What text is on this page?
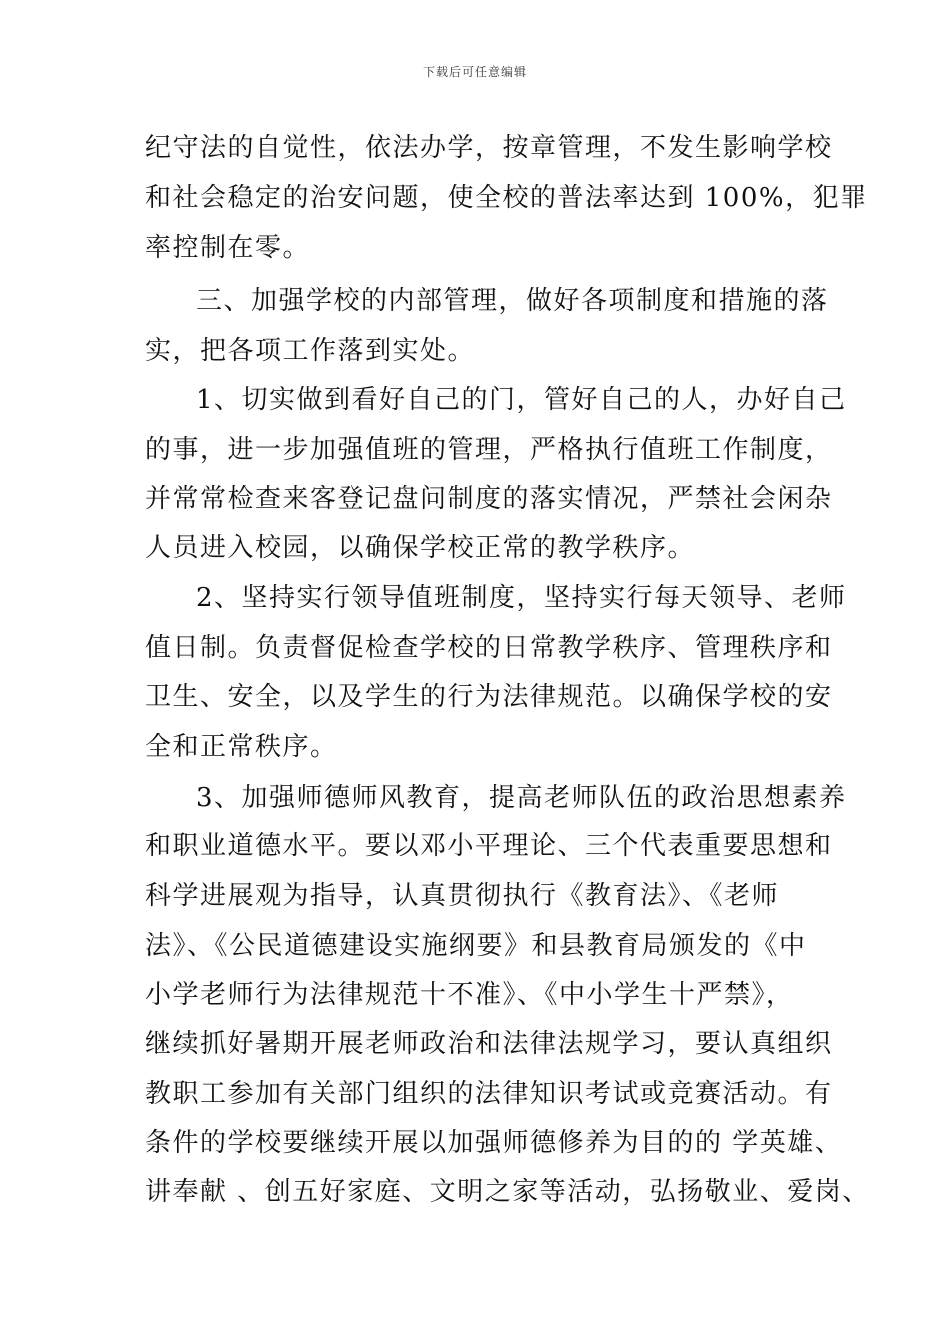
下载后可任意编辑

纪守法的自觉性，依法办学，按章管理，不发生影响学校

和社会稳定的治安问题，使全校的普法率达到 100%，犯罪

率控制在零。

三、加强学校的内部管理，做好各项制度和措施的落

实，把各项工作落到实处。

1、切实做到看好自己的门，管好自己的人，办好自己

的事，进一步加强值班的管理，严格执行值班工作制度，

并常常检查来客登记盘问制度的落实情况，严禁社会闲杂

人员进入校园，以确保学校正常的教学秩序。

2、坚持实行领导值班制度，坚持实行每天领导、老师

值日制。负责督促检查学校的日常教学秩序、管理秩序和

卫生、安全，以及学生的行为法律规范。以确保学校的安

全和正常秩序。

3、加强师德师风教育，提高老师队伍的政治思想素养

和职业道德水平。要以邓小平理论、三个代表重要思想和

科学进展观为指导，认真贯彻执行《教育法》、《老师

法》、《公民道德建设实施纲要》和县教育局颁发的《中

小学老师行为法律规范十不准》、《中小学生十严禁》，

继续抓好暑期开展老师政治和法律法规学习，要认真组织

教职工参加有关部门组织的法律知识考试或竞赛活动。有

条件的学校要继续开展以加强师德修养为目的的 学英雄、

讲奉献 、创五好家庭、文明之家等活动，弘扬敬业、爱岗、
